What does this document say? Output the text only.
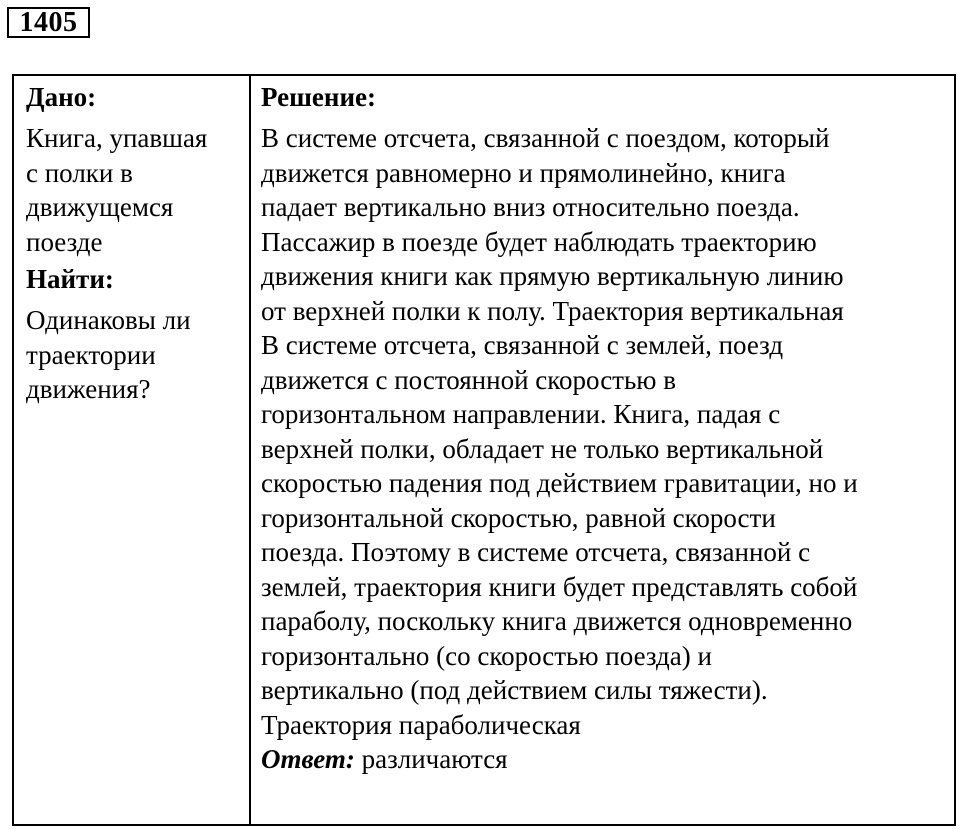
1405
Дано:
Книга, упавшая
с полки в
движущемся
поезде
Найти:
Одинаковы ли
траектории
движения?
Решение:
В системе отсчета, связанной с поездом, который
движется равномерно и прямолинейно, книга
падает вертикально вниз относительно поезда.
Пассажир в поезде будет наблюдать траекторию
движения книги как прямую вертикальную линию
от верхней полки к полу. Траектория вертикальная
В системе отсчета, связанной с землей, поезд
движется с постоянной скоростью в
горизонтальном направлении. Книга, падая с
верхней полки, обладает не только вертикальной
скоростью падения под действием гравитации, но и
горизонтальной скоростью, равной скорости
поезда. Поэтому в системе отсчета, связанной с
землей, траектория книги будет представлять собой
параболу, поскольку книга движется одновременно
горизонтально (со скоростью поезда) и
вертикально (под действием силы тяжести).
Траектория параболическая
Ответ: различаются
